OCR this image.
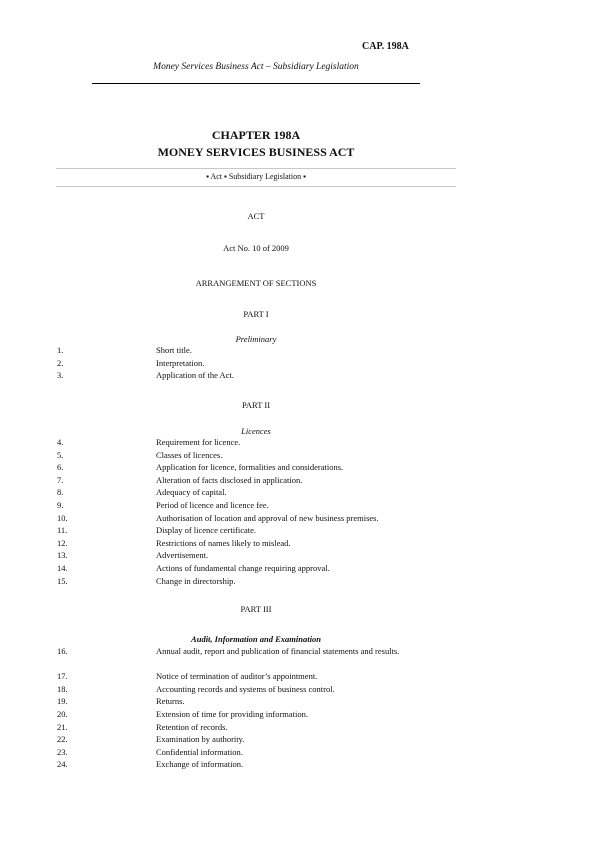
CAP. 198A
Money Services Business Act – Subsidiary Legislation
CHAPTER 198A
MONEY SERVICES BUSINESS ACT
▪ Act ▪ Subsidiary Legislation ▪
ACT
Act No. 10 of 2009
ARRANGEMENT OF SECTIONS
PART I
Preliminary
1.	Short title.
2.	Interpretation.
3.	Application of the Act.
PART II
Licences
4.	Requirement for licence.
5.	Classes of licences.
6.	Application for licence, formalities and considerations.
7.	Alteration of facts disclosed in application.
8.	Adequacy of capital.
9.	Period of licence and licence fee.
10.	Authorisation of location and approval of new business premises.
11.	Display of licence certificate.
12.	Restrictions of names likely to mislead.
13.	Advertisement.
14.	Actions of fundamental change requiring approval.
15.	Change in directorship.
PART III
Audit, Information and Examination
16.	Annual audit, report and publication of financial statements and results.
17.	Notice of termination of auditor’s appointment.
18.	Accounting records and systems of business control.
19.	Returns.
20.	Extension of time for providing information.
21.	Retention of records.
22.	Examination by authority.
23.	Confidential information.
24.	Exchange of information.
